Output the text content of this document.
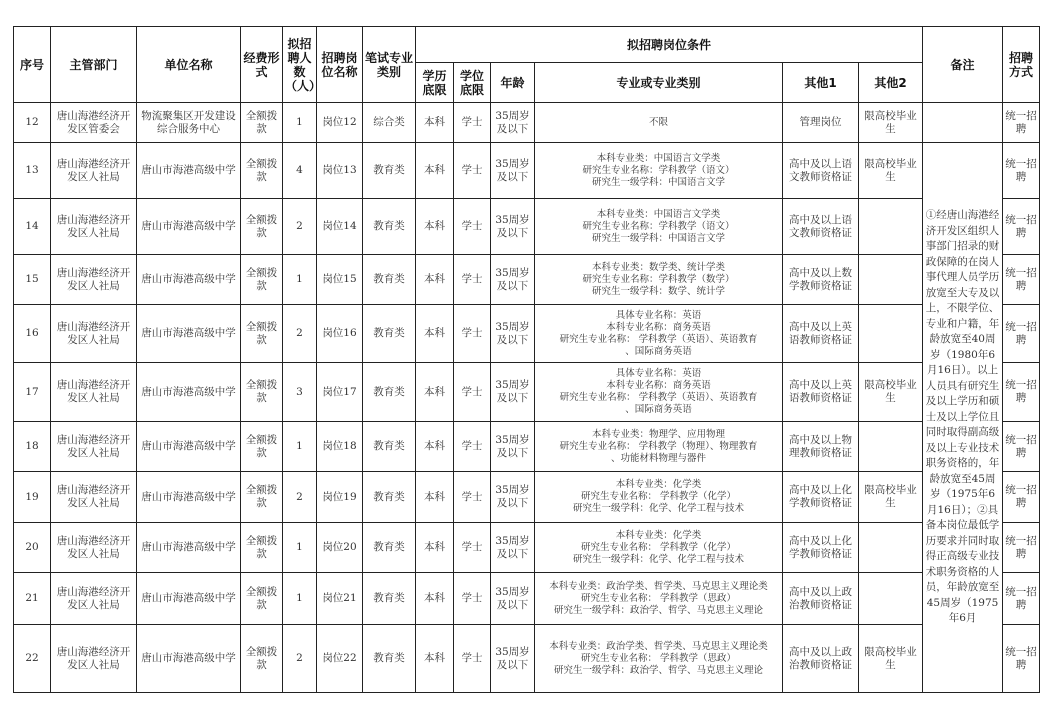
序号	主管部门	单位名称	经费形式	拟招聘人数（人）	招聘岗位名称	笔试专业类别	拟招聘岗位条件						备注	招聘方式
							学历底限	学位底限	年龄	专业或专业类别	其他1	其他2		
12	唐山海港经济开发区管委会	物流聚集区开发建设综合服务中心	全额拨款	1	岗位12	综合类	本科	学士	35周岁及以下	不限	管理岗位	限高校毕业生		统一招聘
13	唐山海港经济开发区人社局	唐山市海港高级中学	全额拨款	4	岗位13	教育类	本科	学士	35周岁及以下	本科专业类：中国语言文学类
研究生专业名称：学科教学（语文）
研究生一级学科：中国语言文学	高中及以上语文教师资格证	限高校毕业生	①经唐山海港经济开发区组织人事部门招录的财政保障的在岗人事代理人员学历放宽至大专及以上，不限学位、专业和户籍，年龄放宽至40周岁（1980年6月16日）。以上人员具有研究生及以上学历和硕士及以上学位且同时取得副高级及以上专业技术职务资格的，年龄放宽至45周岁（1975年6月16日）；②具备本岗位最低学历要求并同时取得正高级专业技术职务资格的人员，年龄放宽至45周岁（1975年6月	统一招聘
14	唐山海港经济开发区人社局	唐山市海港高级中学	全额拨款	2	岗位14	教育类	本科	学士	35周岁及以下	本科专业类：中国语言文学类
研究生专业名称：学科教学（语文）
研究生一级学科：中国语言文学	高中及以上语文教师资格证			统一招聘
15	唐山海港经济开发区人社局	唐山市海港高级中学	全额拨款	1	岗位15	教育类	本科	学士	35周岁及以下	本科专业类：数学类、统计学类
研究生专业名称：学科教学（数学）
研究生一级学科：数学、统计学	高中及以上数学教师资格证			统一招聘
16	唐山海港经济开发区人社局	唐山市海港高级中学	全额拨款	2	岗位16	教育类	本科	学士	35周岁及以下	具体专业名称：英语
本科专业名称：商务英语
研究生专业名称： 学科教学（英语）、英语教育
、国际商务英语	高中及以上英语教师资格证			统一招聘
17	唐山海港经济开发区人社局	唐山市海港高级中学	全额拨款	3	岗位17	教育类	本科	学士	35周岁及以下	具体专业名称：英语
本科专业名称：商务英语
研究生专业名称： 学科教学（英语）、英语教育
、国际商务英语	高中及以上英语教师资格证	限高校毕业生		统一招聘
18	唐山海港经济开发区人社局	唐山市海港高级中学	全额拨款	1	岗位18	教育类	本科	学士	35周岁及以下	本科专业类：物理学、应用物理
研究生专业名称： 学科教学（物理）、物理教育
、功能材料物理与器件	高中及以上物理教师资格证			统一招聘
19	唐山海港经济开发区人社局	唐山市海港高级中学	全额拨款	2	岗位19	教育类	本科	学士	35周岁及以下	本科专业类：化学类
研究生专业名称： 学科教学（化学）
研究生一级学科：化学、化学工程与技术	高中及以上化学教师资格证	限高校毕业生		统一招聘
20	唐山海港经济开发区人社局	唐山市海港高级中学	全额拨款	1	岗位20	教育类	本科	学士	35周岁及以下	本科专业类：化学类
研究生专业名称： 学科教学（化学）
研究生一级学科：化学、化学工程与技术	高中及以上化学教师资格证			统一招聘
21	唐山海港经济开发区人社局	唐山市海港高级中学	全额拨款	1	岗位21	教育类	本科	学士	35周岁及以下	本科专业类：政治学类、哲学类、马克思主义理论类
研究生专业名称： 学科教学（思政）
研究生一级学科：政治学、哲学、马克思主义理论	高中及以上政治教师资格证			统一招聘
22	唐山海港经济开发区人社局	唐山市海港高级中学	全额拨款	2	岗位22	教育类	本科	学士	35周岁及以下	本科专业类：政治学类、哲学类、马克思主义理论类
研究生专业名称： 学科教学（思政）
研究生一级学科：政治学、哲学、马克思主义理论	高中及以上政治教师资格证	限高校毕业生		统一招聘
